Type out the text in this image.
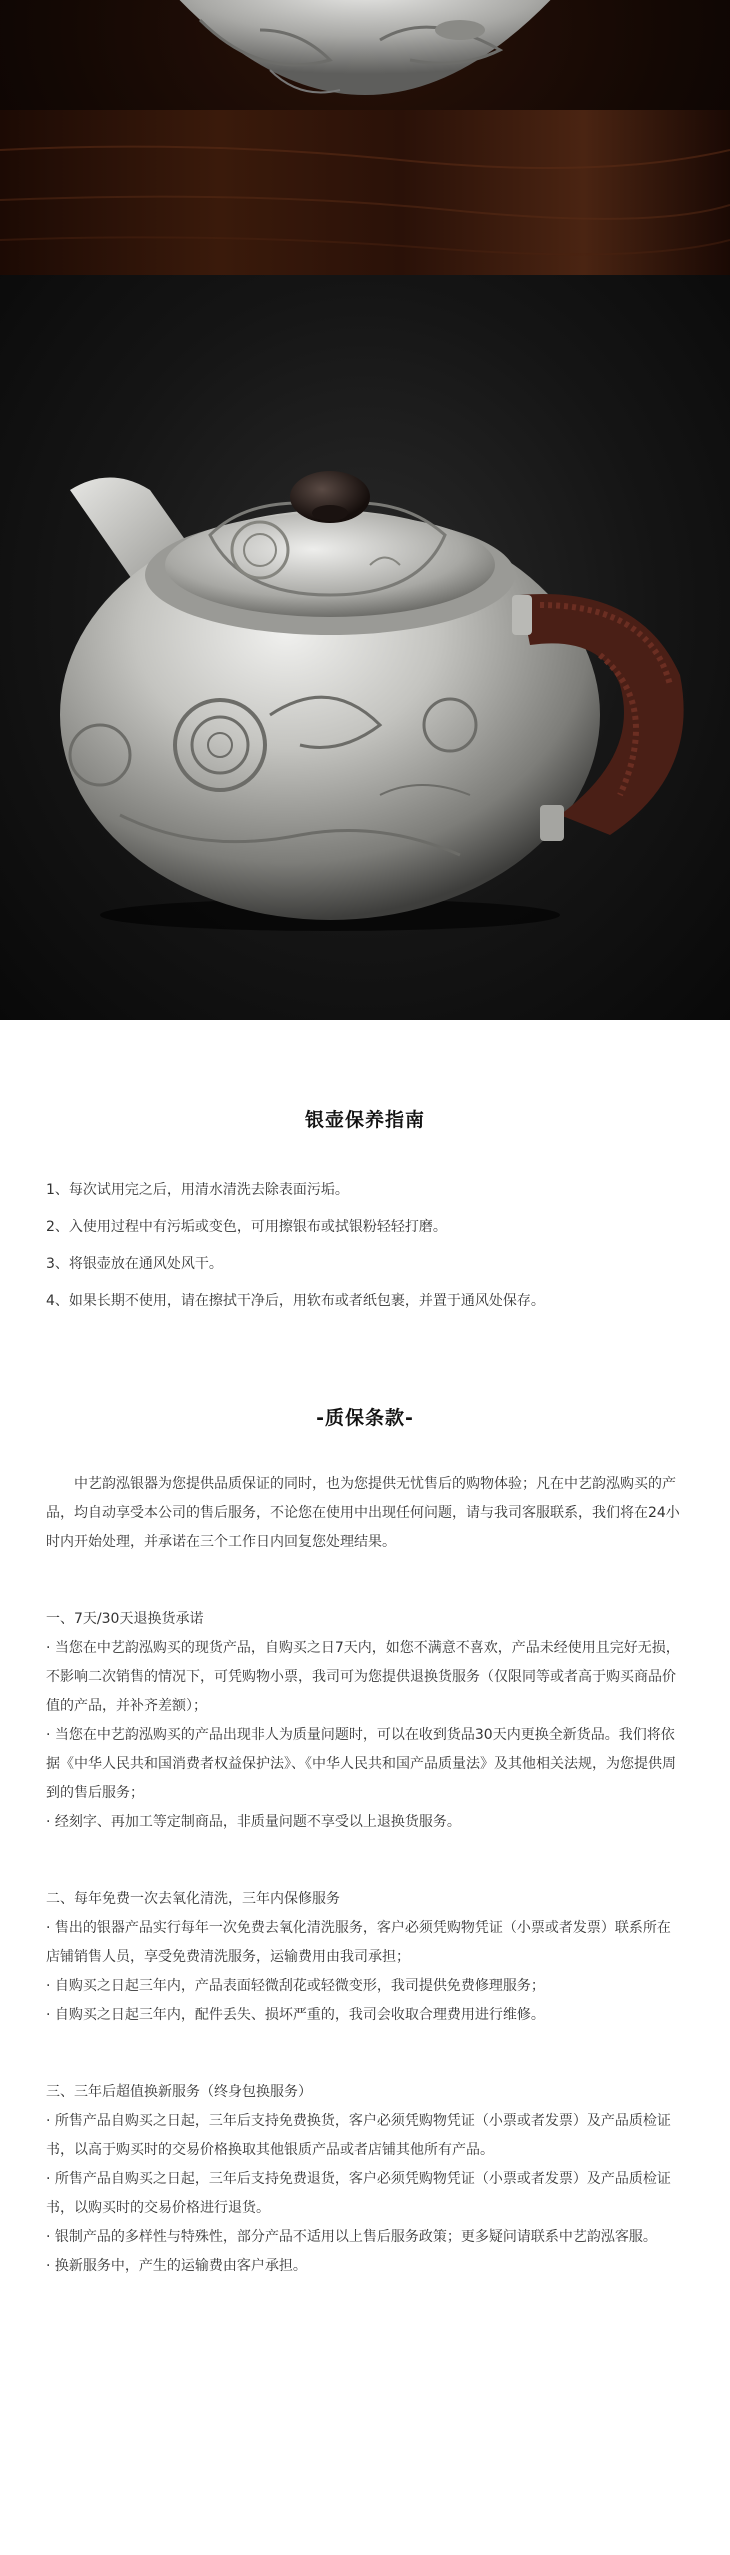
银壶保养指南
1、每次试用完之后，用清水清洗去除表面污垢。
2、入使用过程中有污垢或变色，可用擦银布或拭银粉轻轻打磨。
3、将银壶放在通风处风干。
4、如果长期不使用，请在擦拭干净后，用软布或者纸包裹，并置于通风处保存。
-质保条款-

中艺韵泓银器为您提供品质保证的同时，也为您提供无忧售后的购物体验；凡在中艺韵泓购买的产品，均自动享受本公司的售后服务，不论您在使用中出现任何问题，请与我司客服联系，我们将在24小时内开始处理，并承诺在三个工作日内回复您处理结果。

一、7天/30天退换货承诺

· 当您在中艺韵泓购买的现货产品，自购买之日7天内，如您不满意不喜欢，产品未经使用且完好无损，不影响二次销售的情况下，可凭购物小票，我司可为您提供退换货服务（仅限同等或者高于购买商品价值的产品，并补齐差额）；

· 当您在中艺韵泓购买的产品出现非人为质量问题时，可以在收到货品30天内更换全新货品。我们将依据《中华人民共和国消费者权益保护法》、《中华人民共和国产品质量法》及其他相关法规，为您提供周到的售后服务；

· 经刻字、再加工等定制商品，非质量问题不享受以上退换货服务。

二、每年免费一次去氧化清洗，三年内保修服务

· 售出的银器产品实行每年一次免费去氧化清洗服务，客户必须凭购物凭证（小票或者发票）联系所在店铺销售人员，享受免费清洗服务，运输费用由我司承担；

· 自购买之日起三年内，产品表面轻微刮花或轻微变形，我司提供免费修理服务；

· 自购买之日起三年内，配件丢失、损坏严重的，我司会收取合理费用进行维修。

三、三年后超值换新服务（终身包换服务）

· 所售产品自购买之日起，三年后支持免费换货，客户必须凭购物凭证（小票或者发票）及产品质检证书，以高于购买时的交易价格换取其他银质产品或者店铺其他所有产品。

· 所售产品自购买之日起，三年后支持免费退货，客户必须凭购物凭证（小票或者发票）及产品质检证书，以购买时的交易价格进行退货。

· 银制产品的多样性与特殊性，部分产品不适用以上售后服务政策；更多疑问请联系中艺韵泓客服。

· 换新服务中，产生的运输费由客户承担。
